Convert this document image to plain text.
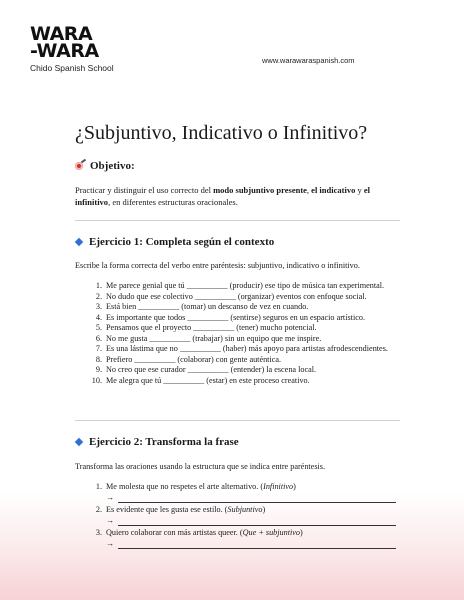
WARA
-WARA
Chido Spanish School
www.warawaraspanish.com
¿Subjuntivo, Indicativo o Infinitivo?
Objetivo:

Practicar y distinguir el uso correcto del modo subjuntivo presente, el indicativo y el infinitivo, en diferentes estructuras oracionales.

Ejercicio 1: Completa según el contexto

Escribe la forma correcta del verbo entre paréntesis: subjuntivo, indicativo o infinitivo.

1. Me parece genial que tú __________ (producir) ese tipo de música tan experimental.
2. No dudo que ese colectivo __________ (organizar) eventos con enfoque social.
3. Está bien __________ (tomar) un descanso de vez en cuando.
4. Es importante que todos __________ (sentirse) seguros en un espacio artístico.
5. Pensamos que el proyecto __________ (tener) mucho potencial.
6. No me gusta __________ (trabajar) sin un equipo que me inspire.
7. Es una lástima que no __________ (haber) más apoyo para artistas afrodescendientes.
8. Prefiero __________ (colaborar) con gente auténtica.
9. No creo que ese curador __________ (entender) la escena local.
10. Me alegra que tú __________ (estar) en este proceso creativo.
Ejercicio 2: Transforma la frase

Transforma las oraciones usando la estructura que se indica entre paréntesis.

1. Me molesta que no respetes el arte alternativo. (Infinitivo)
→
2. Es evidente que les gusta ese estilo. (Subjuntivo)
→
3. Quiero colaborar con más artistas queer. (Que + subjuntivo)
→
